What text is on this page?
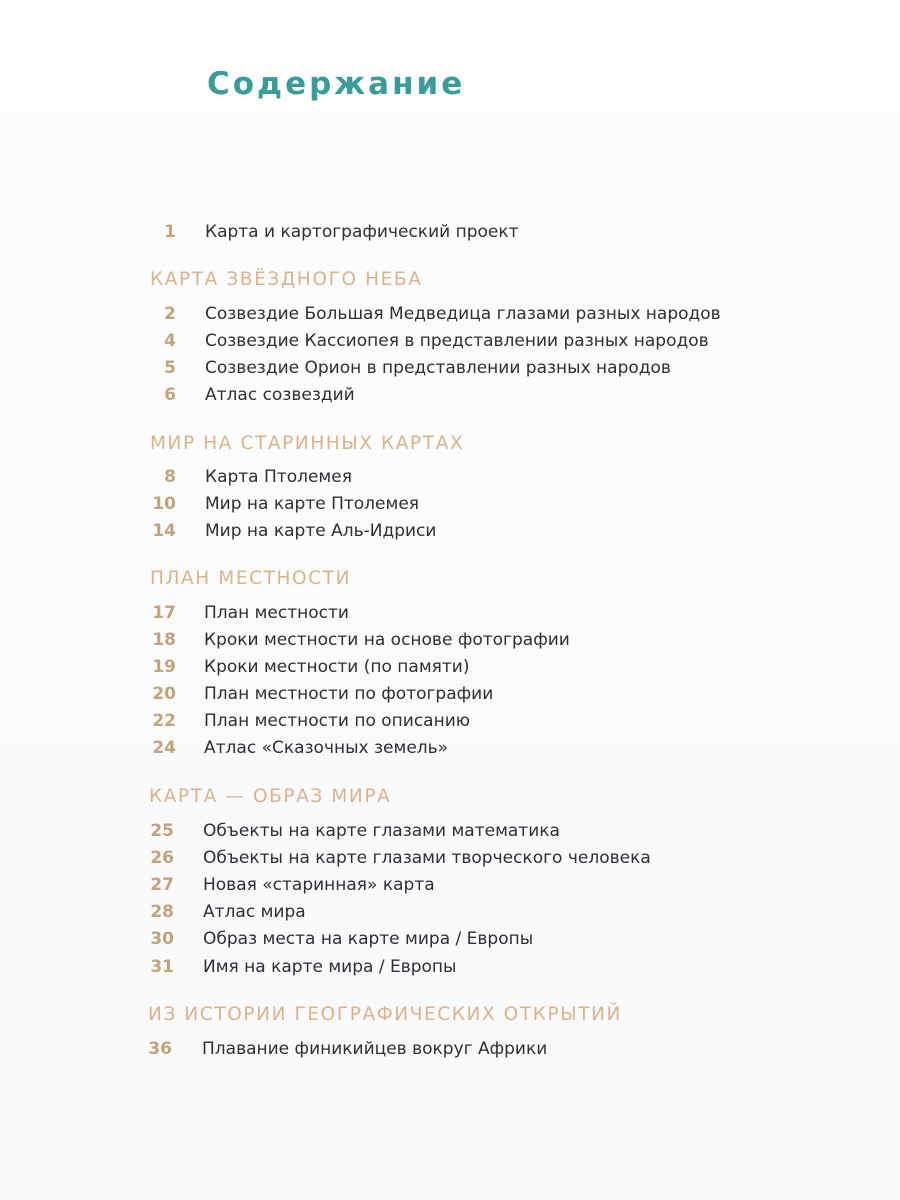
Содержание
1 Карта и картографический проект
КАРТА ЗВЁЗДНОГО НЕБА
2 Созвездие Большая Медведица глазами разных народов
4 Созвездие Кассиопея в представлении разных народов
5 Созвездие Орион в представлении разных народов
6 Атлас созвездий
МИР НА СТАРИННЫХ КАРТАХ
8 Карта Птолемея
10 Мир на карте Птолемея
14 Мир на карте Аль-Идриси
ПЛАН МЕСТНОСТИ
17 План местности
18 Кроки местности на основе фотографии
19 Кроки местности (по памяти)
20 План местности по фотографии
22 План местности по описанию
24 Атлас «Сказочных земель»
КАРТА — ОБРАЗ МИРА
25 Объекты на карте глазами математика
26 Объекты на карте глазами творческого человека
27 Новая «старинная» карта
28 Атлас мира
30 Образ места на карте мира / Европы
31 Имя на карте мира / Европы
ИЗ ИСТОРИИ ГЕОГРАФИЧЕСКИХ ОТКРЫТИЙ
36 Плавание финикийцев вокруг Африки
